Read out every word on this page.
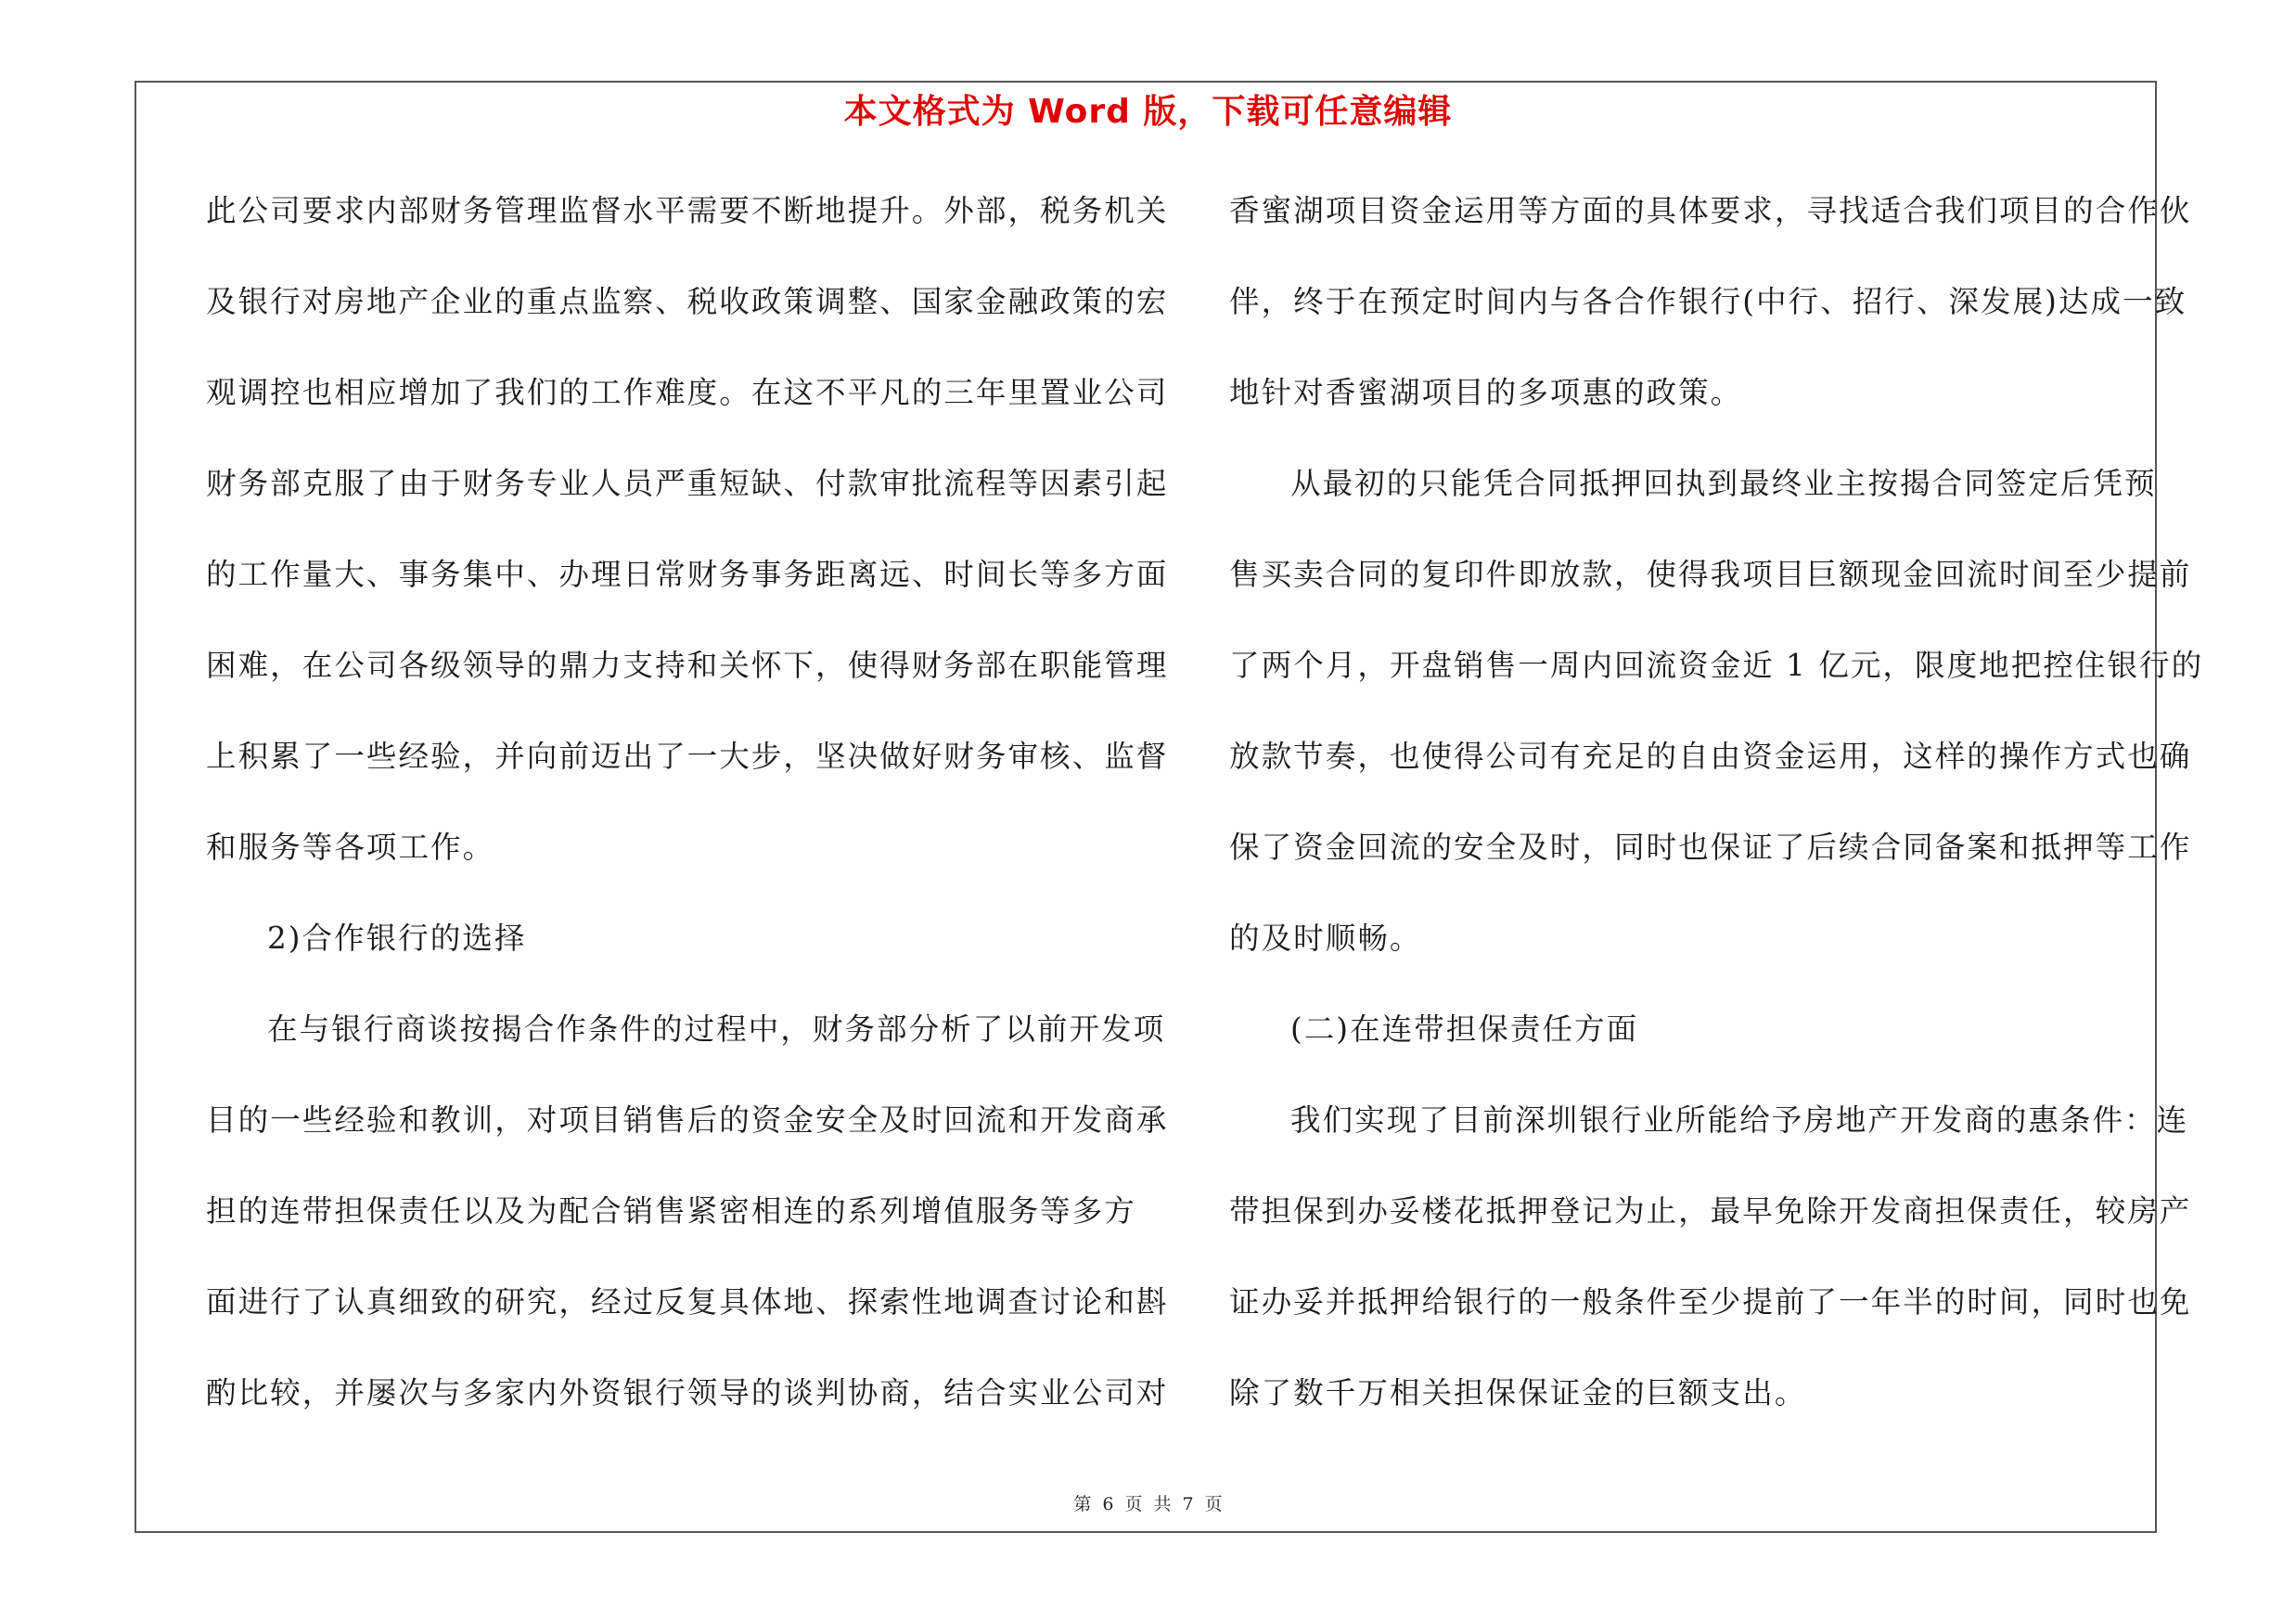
本文格式为 Word 版，下载可任意编辑
此公司要求内部财务管理监督水平需要不断地提升。外部，税务机关
及银行对房地产企业的重点监察、税收政策调整、国家金融政策的宏
观调控也相应增加了我们的工作难度。在这不平凡的三年里置业公司
财务部克服了由于财务专业人员严重短缺、付款审批流程等因素引起
的工作量大、事务集中、办理日常财务事务距离远、时间长等多方面
困难，在公司各级领导的鼎力支持和关怀下，使得财务部在职能管理
上积累了一些经验，并向前迈出了一大步，坚决做好财务审核、监督
和服务等各项工作。
2)合作银行的选择
在与银行商谈按揭合作条件的过程中，财务部分析了以前开发项
目的一些经验和教训，对项目销售后的资金安全及时回流和开发商承
担的连带担保责任以及为配合销售紧密相连的系列增值服务等多方
面进行了认真细致的研究，经过反复具体地、探索性地调查讨论和斟
酌比较，并屡次与多家内外资银行领导的谈判协商，结合实业公司对
香蜜湖项目资金运用等方面的具体要求，寻找适合我们项目的合作伙
伴，终于在预定时间内与各合作银行(中行、招行、深发展)达成一致
地针对香蜜湖项目的多项惠的政策。
从最初的只能凭合同抵押回执到最终业主按揭合同签定后凭预
售买卖合同的复印件即放款，使得我项目巨额现金回流时间至少提前
了两个月，开盘销售一周内回流资金近 1 亿元，限度地把控住银行的
放款节奏，也使得公司有充足的自由资金运用，这样的操作方式也确
保了资金回流的安全及时，同时也保证了后续合同备案和抵押等工作
的及时顺畅。
(二)在连带担保责任方面
我们实现了目前深圳银行业所能给予房地产开发商的惠条件：连
带担保到办妥楼花抵押登记为止，最早免除开发商担保责任，较房产
证办妥并抵押给银行的一般条件至少提前了一年半的时间，同时也免
除了数千万相关担保保证金的巨额支出。
第 6 页 共 7 页
